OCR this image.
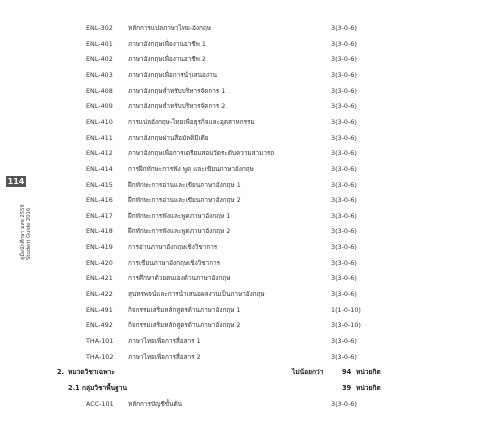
114
คู่มือนักศึกษา มสธ 2559 Student Guide 2016
ENL-302 หลักการแปลภาษาไทย-อังกฤษ	3(3-0-6)
ENL-401 ภาษาอังกฤษเพื่องานอาชีพ 1	3(3-0-6)
ENL-402 ภาษาอังกฤษเพื่องานอาชีพ 2	3(3-0-6)
ENL-403 ภาษาอังกฤษเพื่อการนำเสนองาน	3(3-0-6)
ENL-408 ภาษาอังกฤษสำหรับบริหารจัดการ 1	3(3-0-6)
ENL-409 ภาษาอังกฤษสำหรับบริหารจัดการ 2	3(3-0-6)
ENL-410 การแปลอังกฤษ-ไทยเพื่อธุรกิจและอุตสาหกรรม	3(3-0-6)
ENL-411 ภาษาอังกฤษผ่านสื่อมัลติมีเดีย	3(3-0-6)
ENL-412 ภาษาอังกฤษเพื่อการเตรียมสอบวัดระดับความสามารถ	3(3-0-6)
ENL-414 การฝึกทักษะการฟัง พูด และเขียนภาษาอังกฤษ	3(3-0-6)
ENL-415 ฝึกทักษะการอ่านและเขียนภาษาอังกฤษ 1	3(3-0-6)
ENL-416 ฝึกทักษะการอ่านและเขียนภาษาอังกฤษ 2	3(3-0-6)
ENL-417 ฝึกทักษะการฟังและพูดภาษาอังกฤษ 1	3(3-0-6)
ENL-418 ฝึกทักษะการฟังและพูดภาษาอังกฤษ 2	3(3-0-6)
ENL-419 การอ่านภาษาอังกฤษเชิงวิชาการ	3(3-0-6)
ENL-420 การเขียนภาษาอังกฤษเชิงวิชาการ	3(3-0-6)
ENL-421 การศึกษาด้วยตนเองด้านภาษาอังกฤษ	3(3-0-6)
ENL-422 สุนทรพจน์และการนำเสนอผลงานเป็นภาษาอังกฤษ	3(3-0-6)
ENL-491 กิจกรรมเสริมหลักสูตรด้านภาษาอังกฤษ 1	1(1-0-10)
ENL-492 กิจกรรมเสริมหลักสูตรด้านภาษาอังกฤษ 2	3(3-0-10)
THA-101 ภาษาไทยเพื่อการสื่อสาร 1	3(3-0-6)
THA-102 ภาษาไทยเพื่อการสื่อสาร 2	3(3-0-6)
2. หมวดวิชาเฉพาะ	ไม่น้อยกว่า	94 หน่วยกิต
2.1 กลุ่มวิชาพื้นฐาน	39 หน่วยกิต
ACC-101 หลักการบัญชีขั้นต้น	3(3-0-6)
